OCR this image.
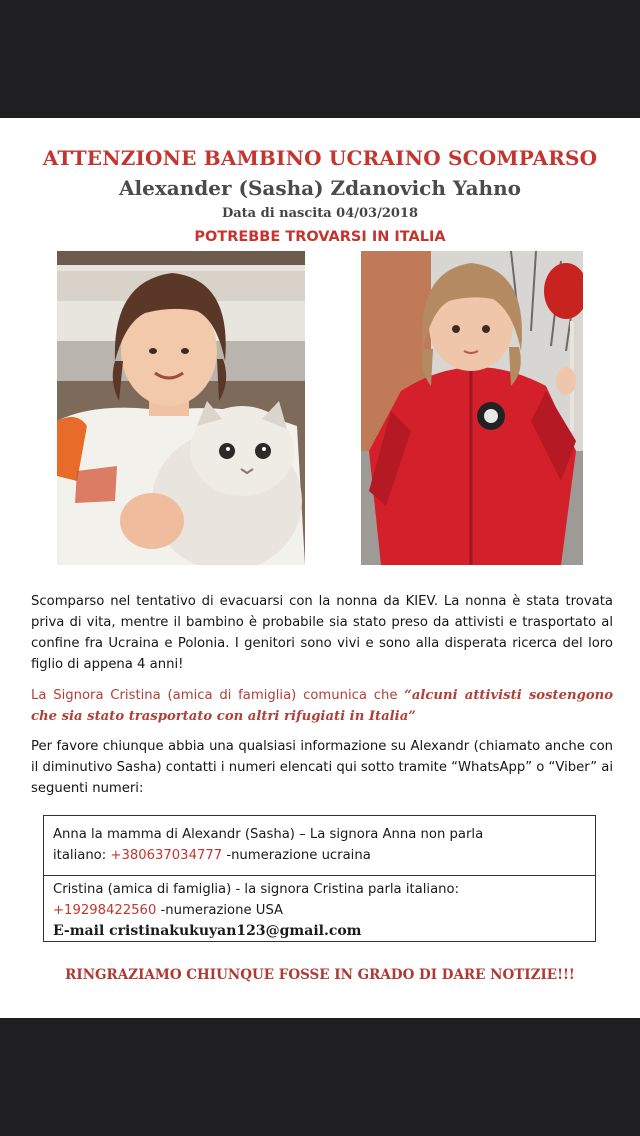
ATTENZIONE BAMBINO UCRAINO SCOMPARSO
Alexander (Sasha) Zdanovich Yahno
Data di nascita 04/03/2018
POTREBBE TROVARSI IN ITALIA
Scomparso nel tentativo di evacuarsi con la nonna da KIEV. La nonna è stata trovata priva di vita, mentre il bambino è probabile sia stato preso da attivisti e trasportato al confine fra Ucraina e Polonia. I genitori sono vivi e sono alla disperata ricerca del loro figlio di appena 4 anni!
La Signora Cristina (amica di famiglia) comunica che “alcuni attivisti sostengono che sia stato trasportato con altri rifugiati in Italia”
Per favore chiunque abbia una qualsiasi informazione su Alexandr (chiamato anche con il diminutivo Sasha) contatti i numeri elencati qui sotto tramite “WhatsApp” o “Viber” ai seguenti numeri:
Anna la mamma di Alexandr (Sasha) – La signora Anna non parla
italiano: +380637034777 -numerazione ucraina
Cristina (amica di famiglia) - la signora Cristina parla italiano:
+19298422560 -numerazione USA
E-mail cristinakukuyan123@gmail.com
RINGRAZIAMO CHIUNQUE FOSSE IN GRADO DI DARE NOTIZIE!!!
